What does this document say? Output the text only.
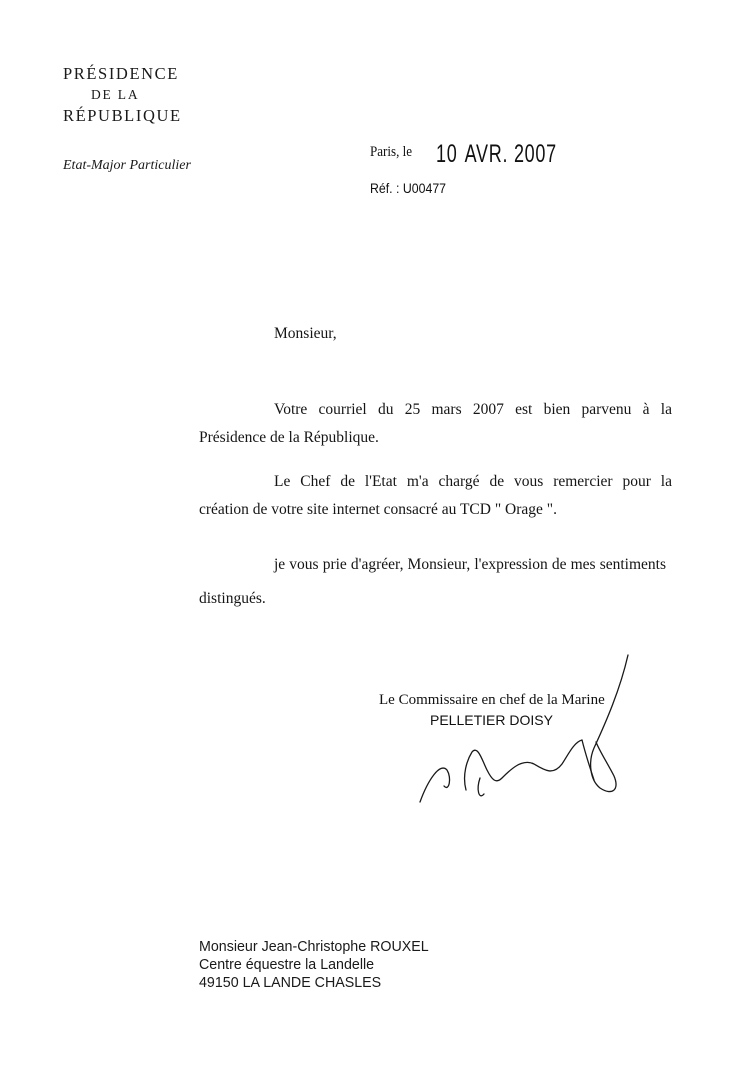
PRÉSIDENCE
DE LA
RÉPUBLIQUE
Etat-Major Particulier
Paris, le 10 AVR. 2007
Réf. : U00477
Monsieur,
Votre courriel du 25 mars 2007 est bien parvenu à la
Présidence de la République.
Le Chef de l'Etat m'a chargé de vous remercier pour la
création de votre site internet consacré au TCD " Orage ".
je vous prie d'agréer, Monsieur, l'expression de mes sentiments
distingués.
Le Commissaire en chef de la Marine
PELLETIER DOISY
Monsieur Jean-Christophe ROUXEL
Centre équestre la Landelle
49150 LA LANDE CHASLES
